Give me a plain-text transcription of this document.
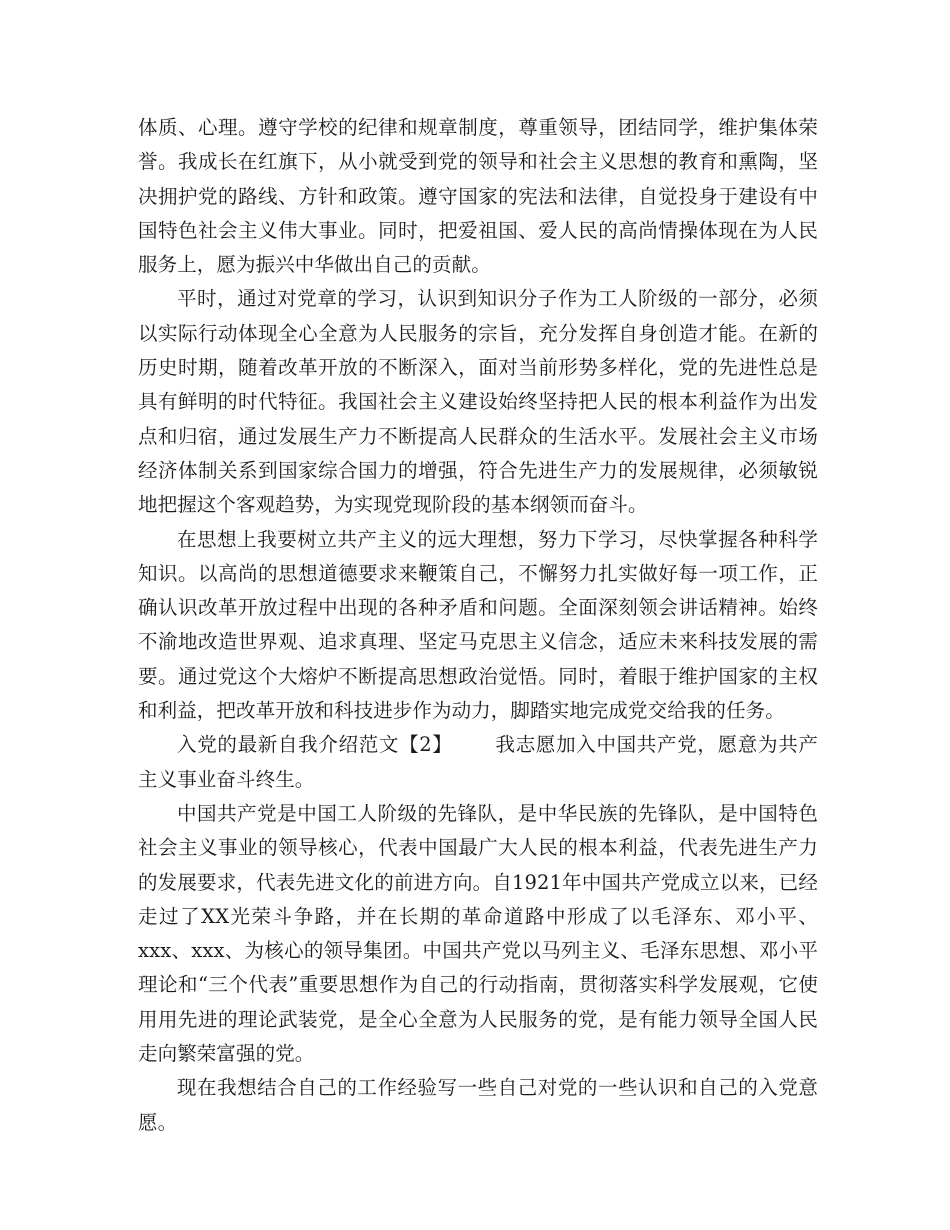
体质、心理。遵守学校的纪律和规章制度，尊重领导，团结同学，维护集体荣誉。我成长在红旗下，从小就受到党的领导和社会主义思想的教育和熏陶，坚决拥护党的路线、方针和政策。遵守国家的宪法和法律，自觉投身于建设有中国特色社会主义伟大事业。同时，把爱祖国、爱人民的高尚情操体现在为人民服务上，愿为振兴中华做出自己的贡献。

平时，通过对党章的学习，认识到知识分子作为工人阶级的一部分，必须以实际行动体现全心全意为人民服务的宗旨，充分发挥自身创造才能。在新的历史时期，随着改革开放的不断深入，面对当前形势多样化，党的先进性总是具有鲜明的时代特征。我国社会主义建设始终坚持把人民的根本利益作为出发点和归宿，通过发展生产力不断提高人民群众的生活水平。发展社会主义市场经济体制关系到国家综合国力的增强，符合先进生产力的发展规律，必须敏锐地把握这个客观趋势，为实现党现阶段的基本纲领而奋斗。

在思想上我要树立共产主义的远大理想，努力下学习，尽快掌握各种科学知识。以高尚的思想道德要求来鞭策自己，不懈努力扎实做好每一项工作，正确认识改革开放过程中出现的各种矛盾和问题。全面深刻领会讲话精神。始终不渝地改造世界观、追求真理、坚定马克思主义信念，适应未来科技发展的需要。通过党这个大熔炉不断提高思想政治觉悟。同时，着眼于维护国家的主权和利益，把改革开放和科技进步作为动力，脚踏实地完成党交给我的任务。

入党的最新自我介绍范文【2】 我志愿加入中国共产党，愿意为共产主义事业奋斗终生。

中国共产党是中国工人阶级的先锋队，是中华民族的先锋队，是中国特色社会主义事业的领导核心，代表中国最广大人民的根本利益，代表先进生产力的发展要求，代表先进文化的前进方向。自1921年中国共产党成立以来，已经走过了XX光荣斗争路，并在长期的革命道路中形成了以毛泽东、邓小平、xxx、xxx、为核心的领导集团。中国共产党以马列主义、毛泽东思想、邓小平理论和“三个代表”重要思想作为自己的行动指南，贯彻落实科学发展观，它使用用先进的理论武装党，是全心全意为人民服务的党，是有能力领导全国人民走向繁荣富强的党。

现在我想结合自己的工作经验写一些自己对党的一些认识和自己的入党意愿。
